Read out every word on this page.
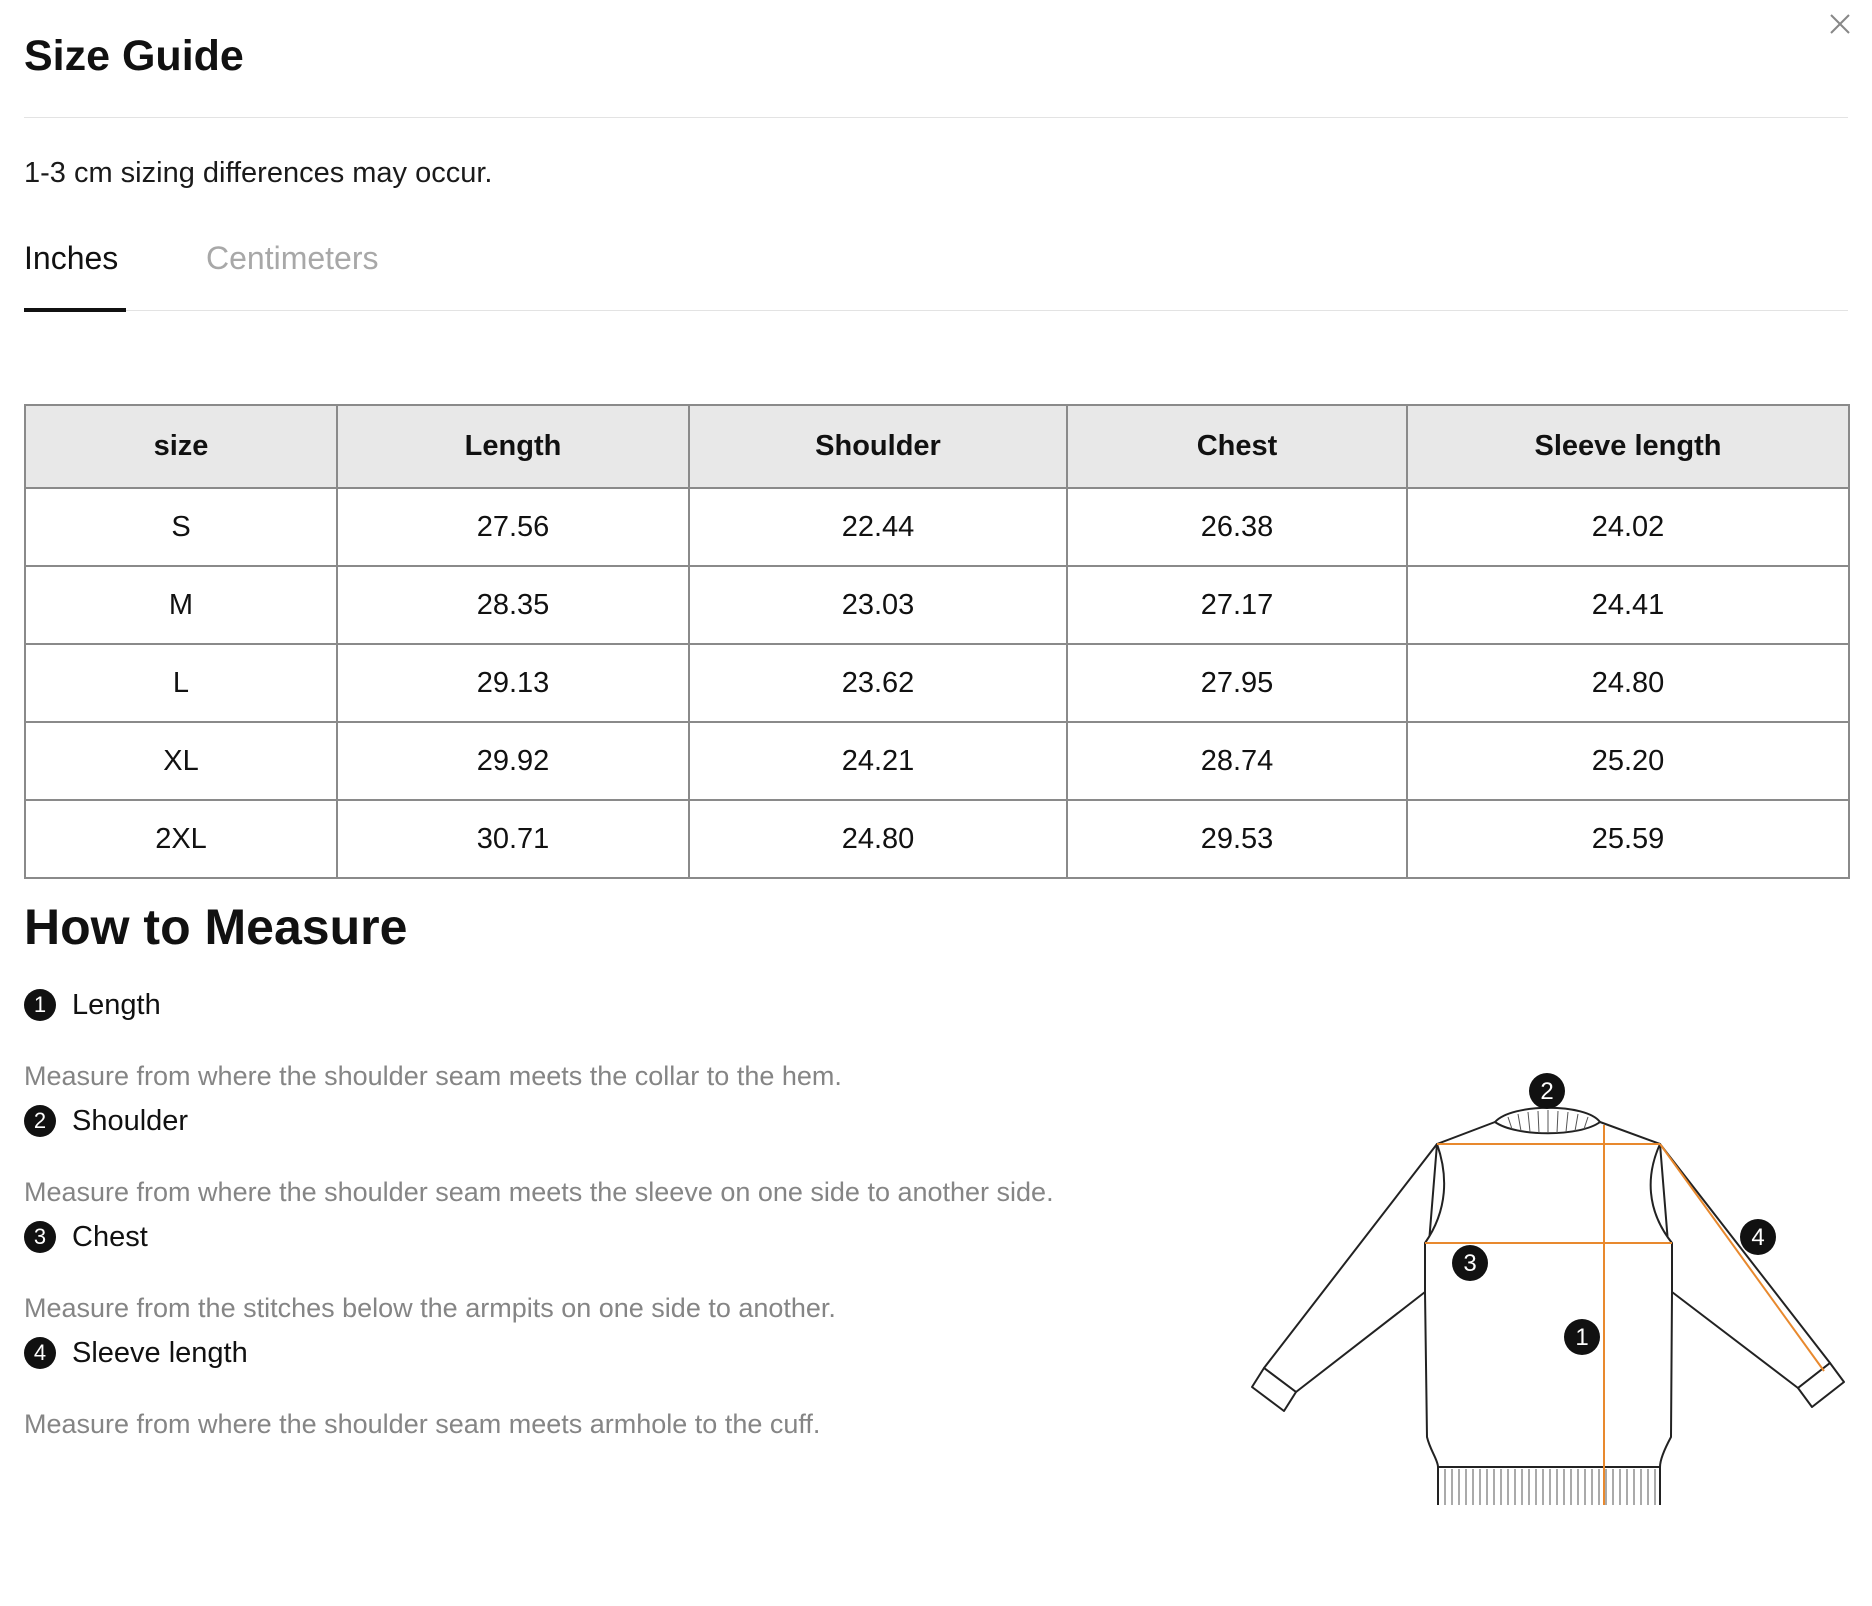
Size Guide
1-3 cm sizing differences may occur.
Inches	Centimeters
size	Length	Shoulder	Chest	Sleeve length
S	27.56	22.44	26.38	24.02
M	28.35	23.03	27.17	24.41
L	29.13	23.62	27.95	24.80
XL	29.92	24.21	28.74	25.20
2XL	30.71	24.80	29.53	25.59
How to Measure
1 Length
Measure from where the shoulder seam meets the collar to the hem.
2 Shoulder
Measure from where the shoulder seam meets the sleeve on one side to another side.
3 Chest
Measure from the stitches below the armpits on one side to another.
4 Sleeve length
Measure from where the shoulder seam meets armhole to the cuff.
2
3
1
4
